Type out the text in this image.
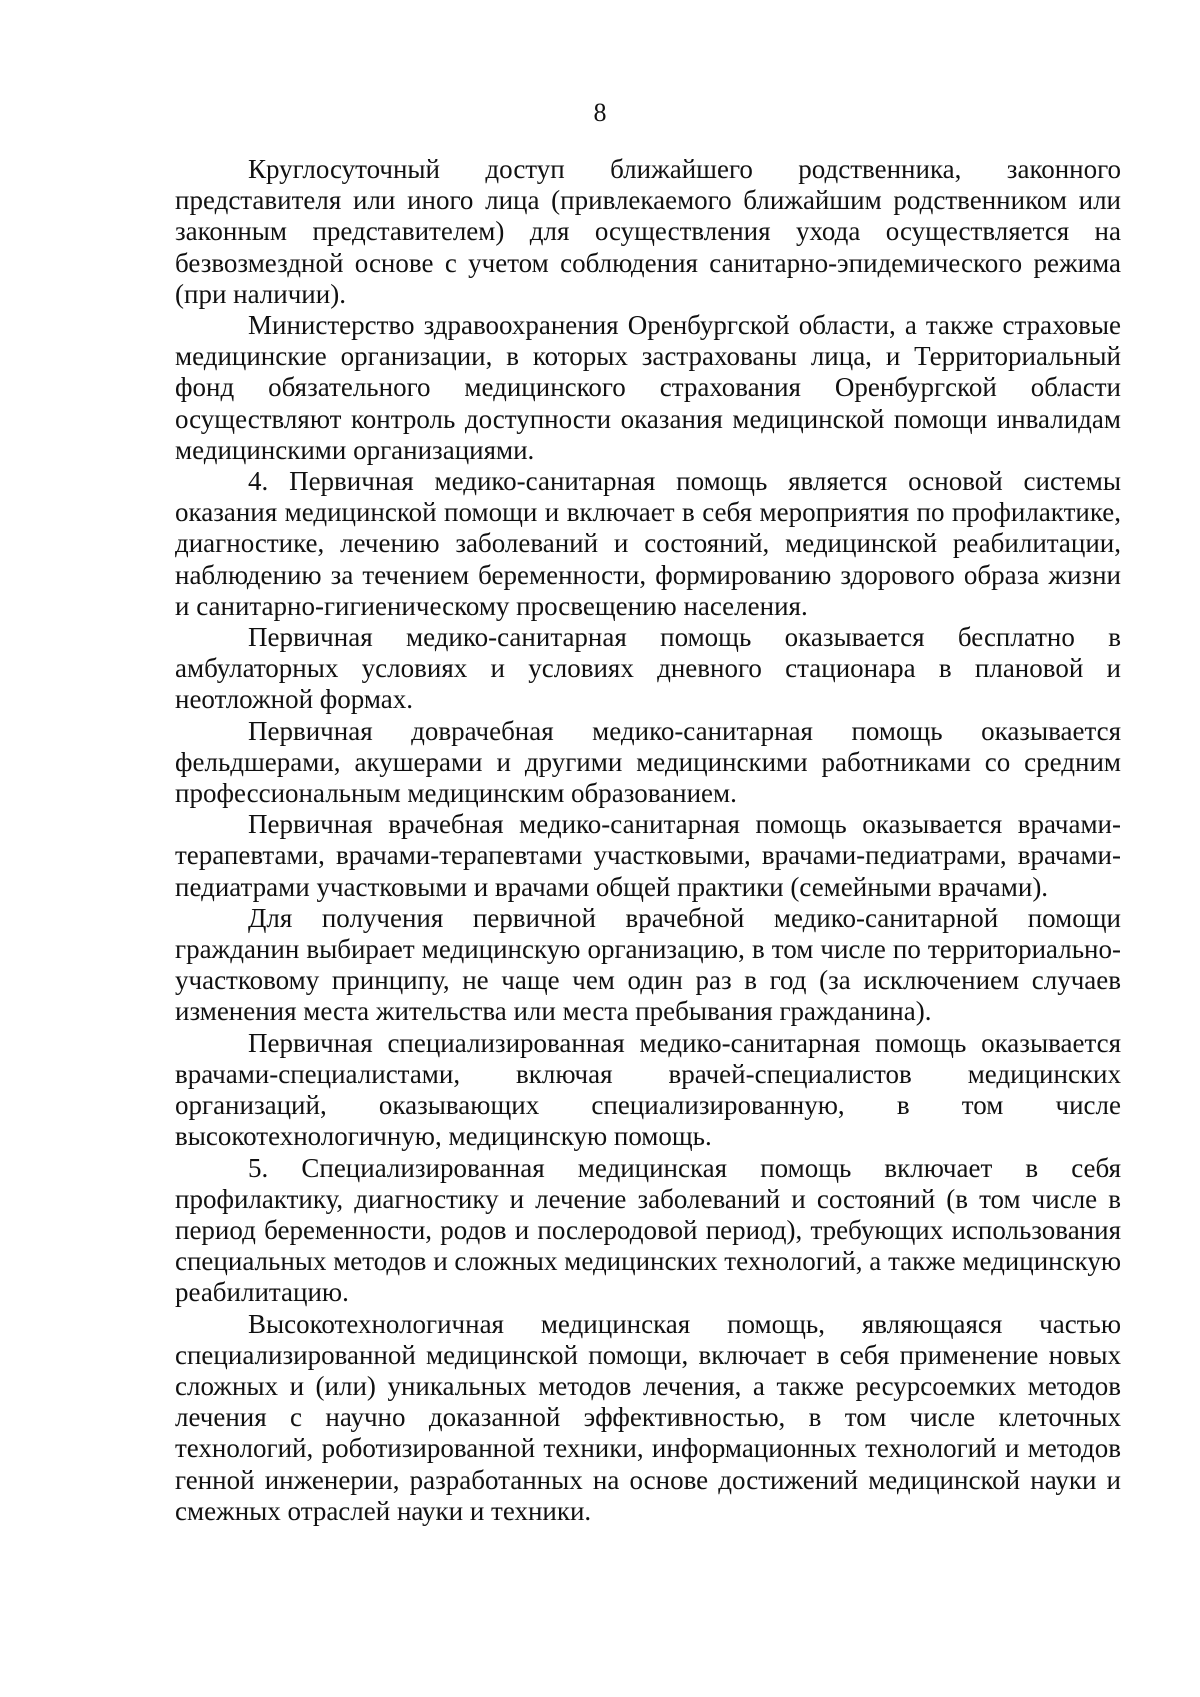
8

Круглосуточный доступ ближайшего родственника, законного представителя или иного лица (привлекаемого ближайшим родственником или законным представителем) для осуществления ухода осуществляется на безвозмездной основе с учетом соблюдения санитарно-эпидемического режима (при наличии).

Министерство здравоохранения Оренбургской области, а также страховые медицинские организации, в которых застрахованы лица, и Территориальный фонд обязательного медицинского страхования Оренбургской области осуществляют контроль доступности оказания медицинской помощи инвалидам медицинскими организациями.

4. Первичная медико-санитарная помощь является основой системы оказания медицинской помощи и включает в себя мероприятия по профилактике, диагностике, лечению заболеваний и состояний, медицинской реабилитации, наблюдению за течением беременности, формированию здорового образа жизни и санитарно-гигиеническому просвещению населения.

Первичная медико-санитарная помощь оказывается бесплатно в амбулаторных условиях и условиях дневного стационара в плановой и неотложной формах.

Первичная доврачебная медико-санитарная помощь оказывается фельдшерами, акушерами и другими медицинскими работниками со средним профессиональным медицинским образованием.

Первичная врачебная медико-санитарная помощь оказывается врачами-терапевтами, врачами-терапевтами участковыми, врачами-педиатрами, врачами-педиатрами участковыми и врачами общей практики (семейными врачами).

Для получения первичной врачебной медико-санитарной помощи гражданин выбирает медицинскую организацию, в том числе по территориально-участковому принципу, не чаще чем один раз в год (за исключением случаев изменения места жительства или места пребывания гражданина).

Первичная специализированная медико-санитарная помощь оказывается врачами-специалистами, включая врачей-специалистов медицинских организаций, оказывающих специализированную, в том числе высокотехнологичную, медицинскую помощь.

5. Специализированная медицинская помощь включает в себя профилактику, диагностику и лечение заболеваний и состояний (в том числе в период беременности, родов и послеродовой период), требующих использования специальных методов и сложных медицинских технологий, а также медицинскую реабилитацию.

Высокотехнологичная медицинская помощь, являющаяся частью специализированной медицинской помощи, включает в себя применение новых сложных и (или) уникальных методов лечения, а также ресурсоемких методов лечения с научно доказанной эффективностью, в том числе клеточных технологий, роботизированной техники, информационных технологий и методов генной инженерии, разработанных на основе достижений медицинской науки и смежных отраслей науки и техники.
